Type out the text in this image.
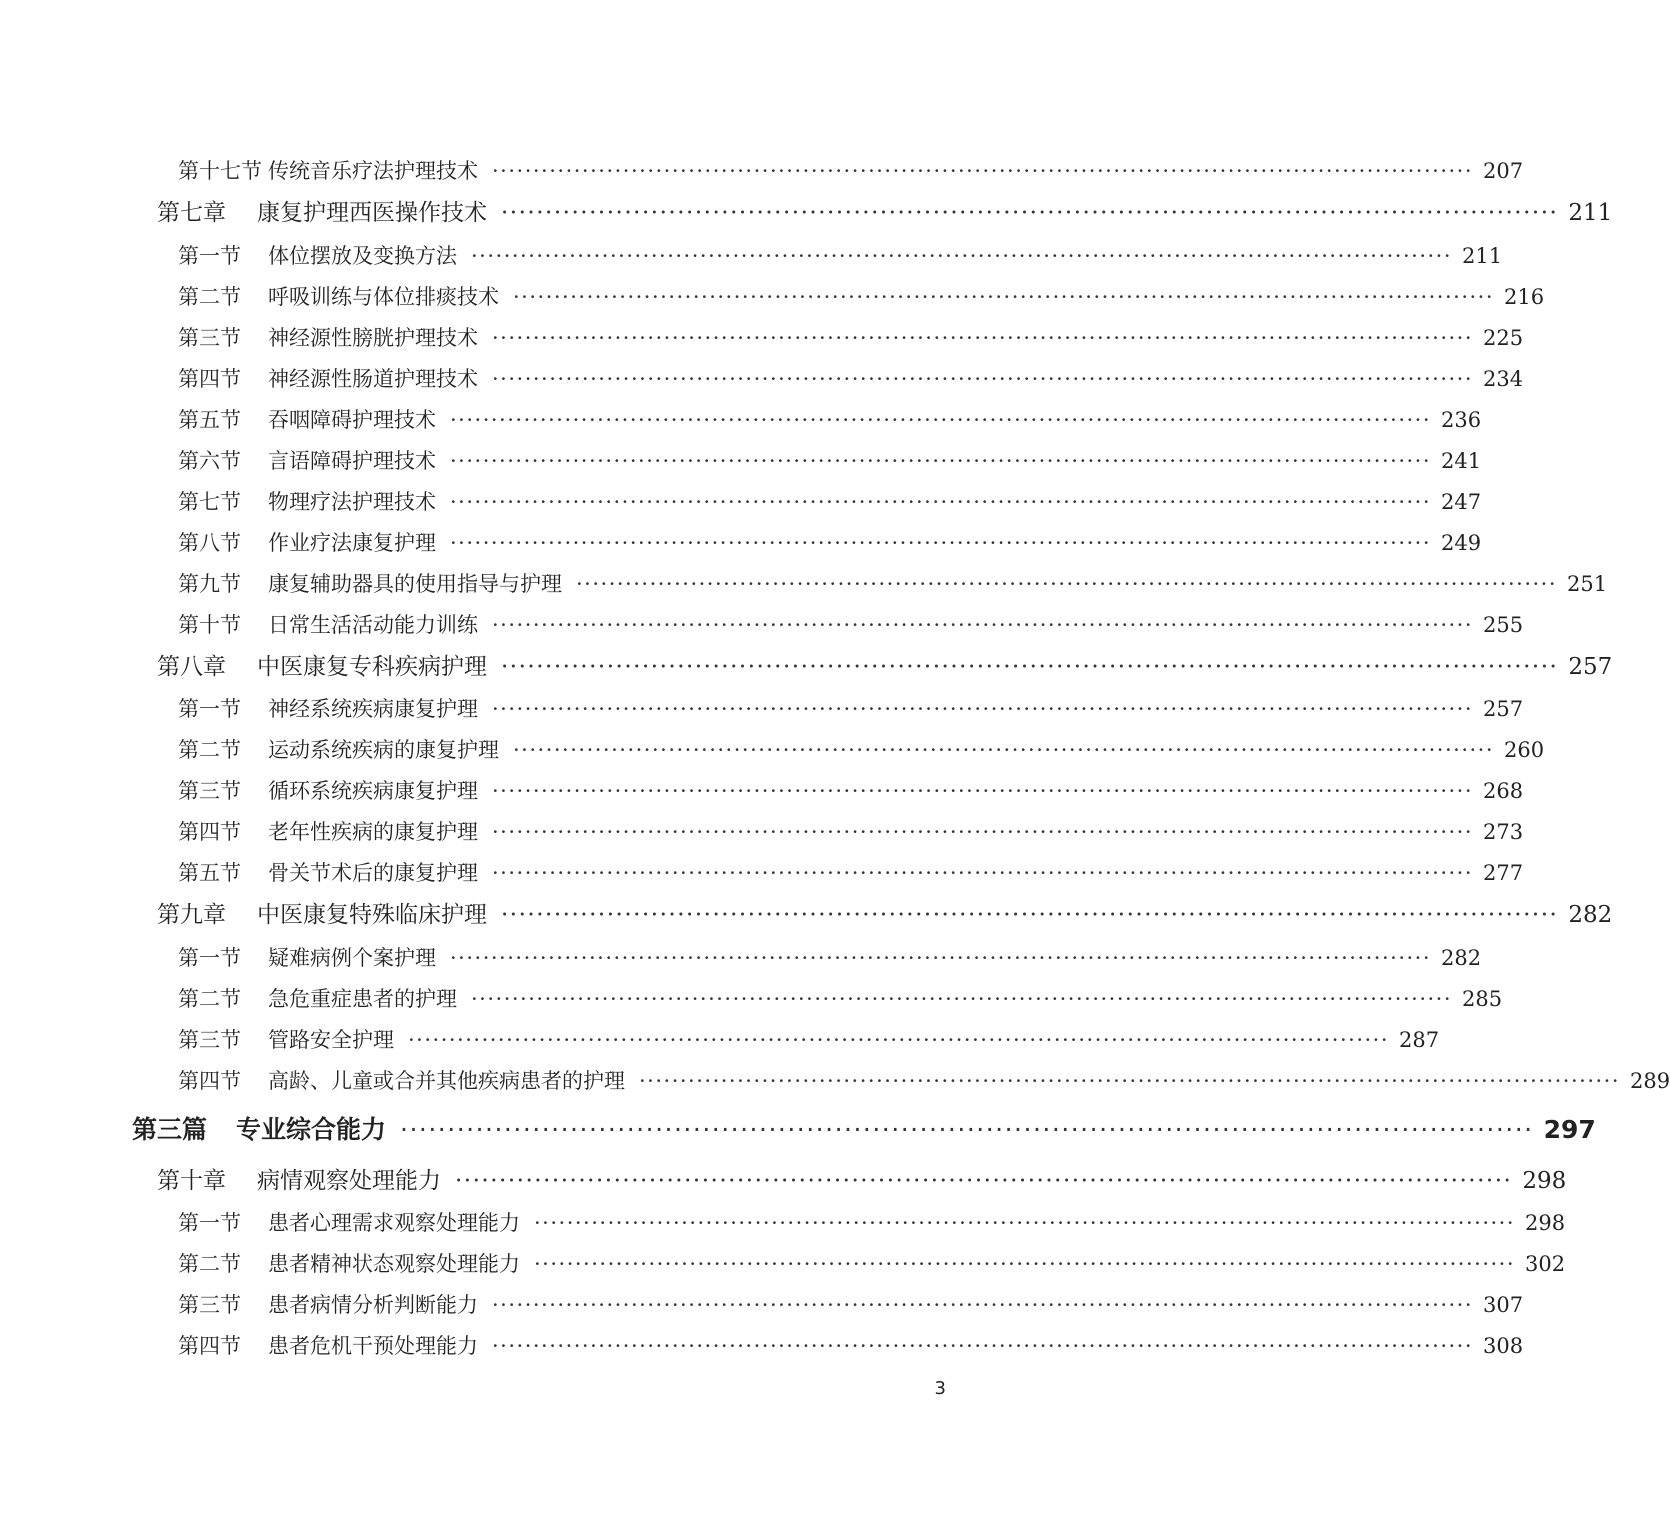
第十七节 传统音乐疗法护理技术 ························································································································ 207
第七章	康复护理西医操作技术 ························································································································ 211
第一节	体位摆放及变换方法 ························································································································ 211
第二节	呼吸训练与体位排痰技术 ························································································································ 216
第三节	神经源性膀胱护理技术 ························································································································ 225
第四节	神经源性肠道护理技术 ························································································································ 234
第五节	吞咽障碍护理技术 ························································································································ 236
第六节	言语障碍护理技术 ························································································································ 241
第七节	物理疗法护理技术 ························································································································ 247
第八节	作业疗法康复护理 ························································································································ 249
第九节	康复辅助器具的使用指导与护理 ························································································································ 251
第十节	日常生活活动能力训练 ························································································································ 255
第八章	中医康复专科疾病护理 ························································································································ 257
第一节	神经系统疾病康复护理 ························································································································ 257
第二节	运动系统疾病的康复护理 ························································································································ 260
第三节	循环系统疾病康复护理 ························································································································ 268
第四节	老年性疾病的康复护理 ························································································································ 273
第五节	骨关节术后的康复护理 ························································································································ 277
第九章	中医康复特殊临床护理 ························································································································ 282
第一节	疑难病例个案护理 ························································································································ 282
第二节	急危重症患者的护理 ························································································································ 285
第三节	管路安全护理 ························································································································ 287
第四节	高龄、儿童或合并其他疾病患者的护理 ························································································································ 289
第三篇	专业综合能力 ························································································································ 297
第十章	病情观察处理能力 ························································································································ 298
第一节	患者心理需求观察处理能力 ························································································································ 298
第二节	患者精神状态观察处理能力 ························································································································ 302
第三节	患者病情分析判断能力 ························································································································ 307
第四节	患者危机干预处理能力 ························································································································ 308
3
